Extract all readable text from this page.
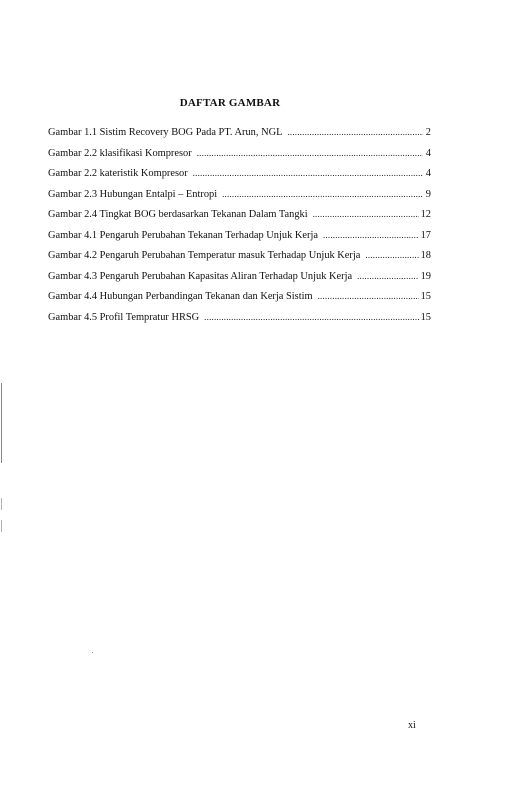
DAFTAR GAMBAR
Gambar 1.1 Sistim Recovery BOG Pada PT. Arun, NGL .....	2
Gambar 2.2 klasifikasi Kompresor .....	4
Gambar 2.2 kateristik Kompresor .....	4
Gambar 2.3 Hubungan Entalpi – Entropi .....	9
Gambar 2.4 Tingkat BOG berdasarkan Tekanan Dalam Tangki .....	12
Gambar 4.1 Pengaruh Perubahan Tekanan Terhadap Unjuk Kerja .....	17
Gambar 4.2 Pengaruh Perubahan Temperatur masuk Terhadap Unjuk Kerja .....	18
Gambar 4.3 Pengaruh Perubahan Kapasitas Aliran Terhadap Unjuk Kerja .....	19
Gambar 4.4 Hubungan Perbandingan Tekanan dan Kerja Sistim .....	15
Gambar 4.5 Profil Tempratur HRSG .....	15
xi
